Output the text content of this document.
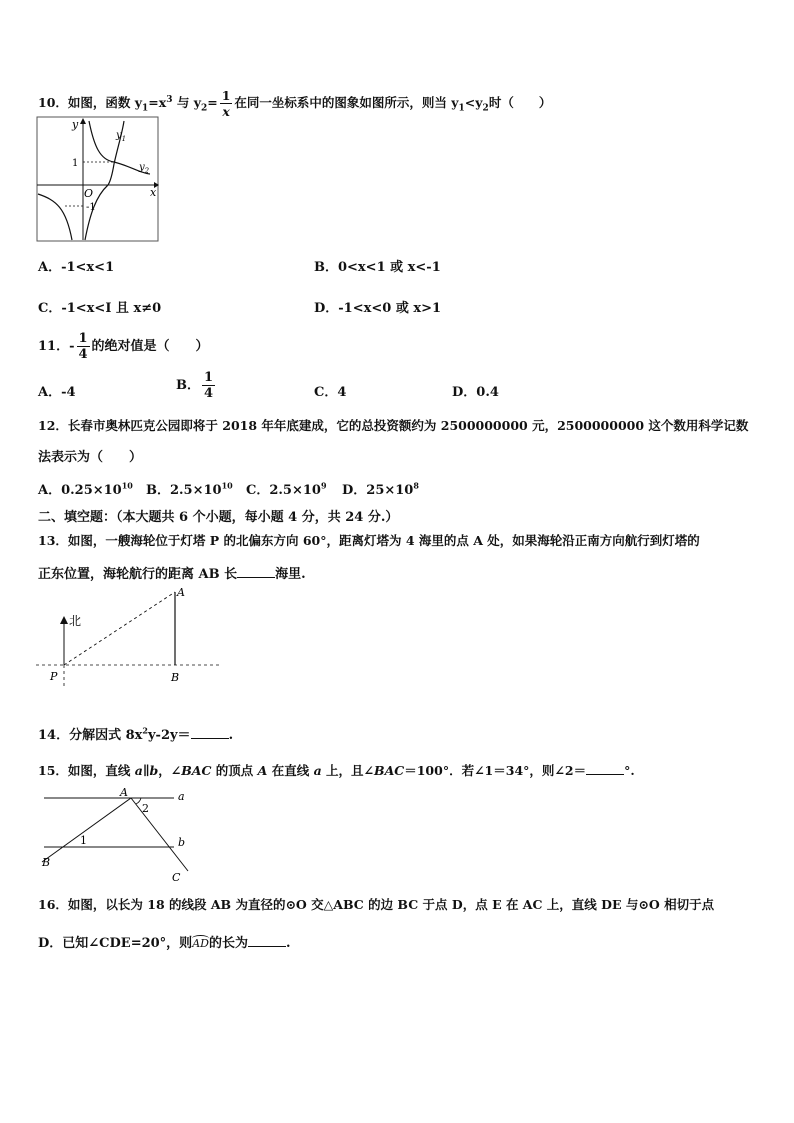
10．如图，函数 $y_1=x^3$ 与 $y_2= \frac{1}{x}$ 在同一坐标系中的图象如图所示，则当 $y_1<y_2$时（　　）
y
x
O
1
-1
$y_1$
$y_2$
A．-1<x<1	B．0<x<1 或 x<-1
C．-1<x<I 且 x≠0	D．-1<x<0 或 x>1
11．- $\frac{1}{4}$ 的绝对值是（　　）
A．-4	B． $\frac{1}{4}$	C．4	D．0.4
12．长春市奥林匹克公园即将于 2018 年年底建成，它的总投资额约为 2500000000 元，2500000000 这个数用科学记数
法表示为（　　）
A．$0.25\times 10^{10}$ B．$2.5\times 10^{10}$ C．$2.5\times 10^9$ D．$25\times 10^8$
二、填空题：（本大题共 6 个小题，每小题 4 分，共 24 分.）
13．如图，一艘海轮位于灯塔 P 的北偏东方向 60°，距离灯塔为 4 海里的点 A 处，如果海轮沿正南方向航行到灯塔的
正东位置，海轮航行的距离 AB 长	海里.
北
P
A
B
14．分解因式 $8x^2y-2y=$	.
15．如图，直线 a∥b，∠BAC 的顶点 A 在直线 a 上，且∠BAC＝100°．若∠1＝34°，则∠2＝	°.
A
B
C
a
b
1
2
16．如图，以长为 18 的线段 AB 为直径的⊙O 交△ABC 的边 BC 于点 D，点 E 在 AC 上，直线 DE 与⊙O 相切于点
D．已知∠CDE=20°，则AD的长为	.
